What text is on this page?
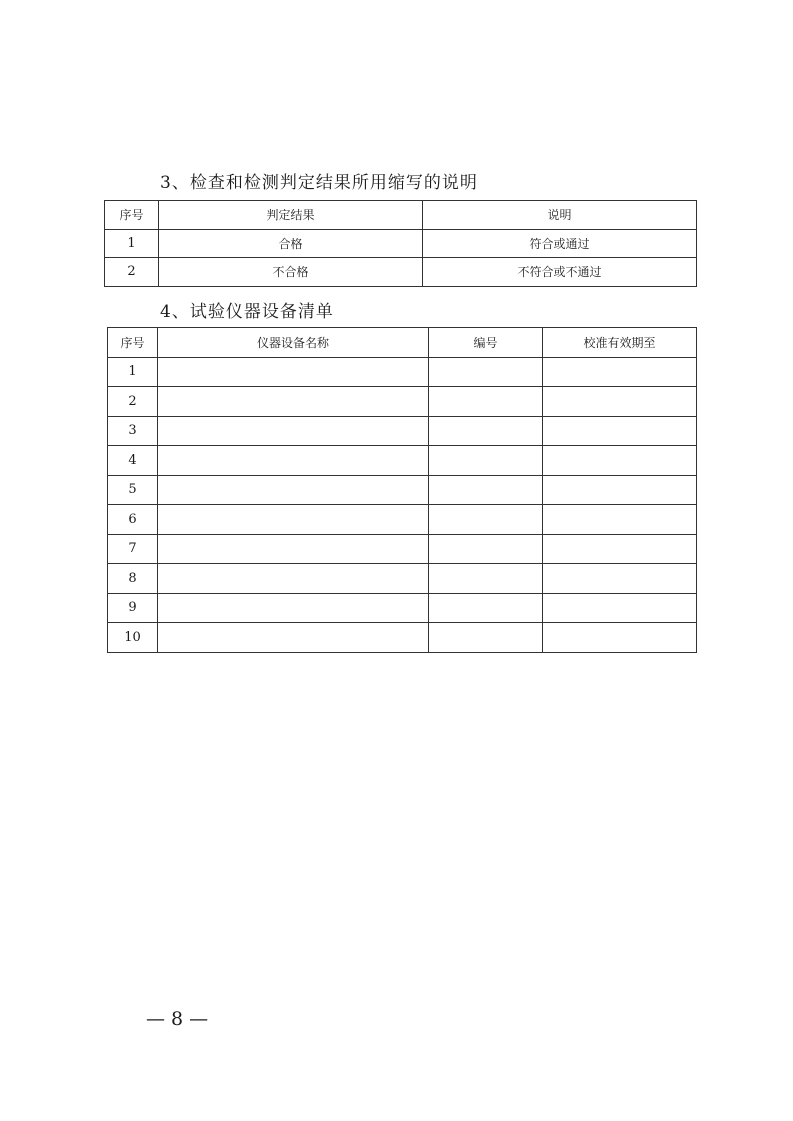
3、检查和检测判定结果所用缩写的说明
序号	判定结果	说明
1	合格	符合或通过
2	不合格	不符合或不通过
4、试验仪器设备清单
序号	仪器设备名称	编号	校准有效期至
1			
2			
3			
4			
5			
6			
7			
8			
9			
10			
— 8 —
